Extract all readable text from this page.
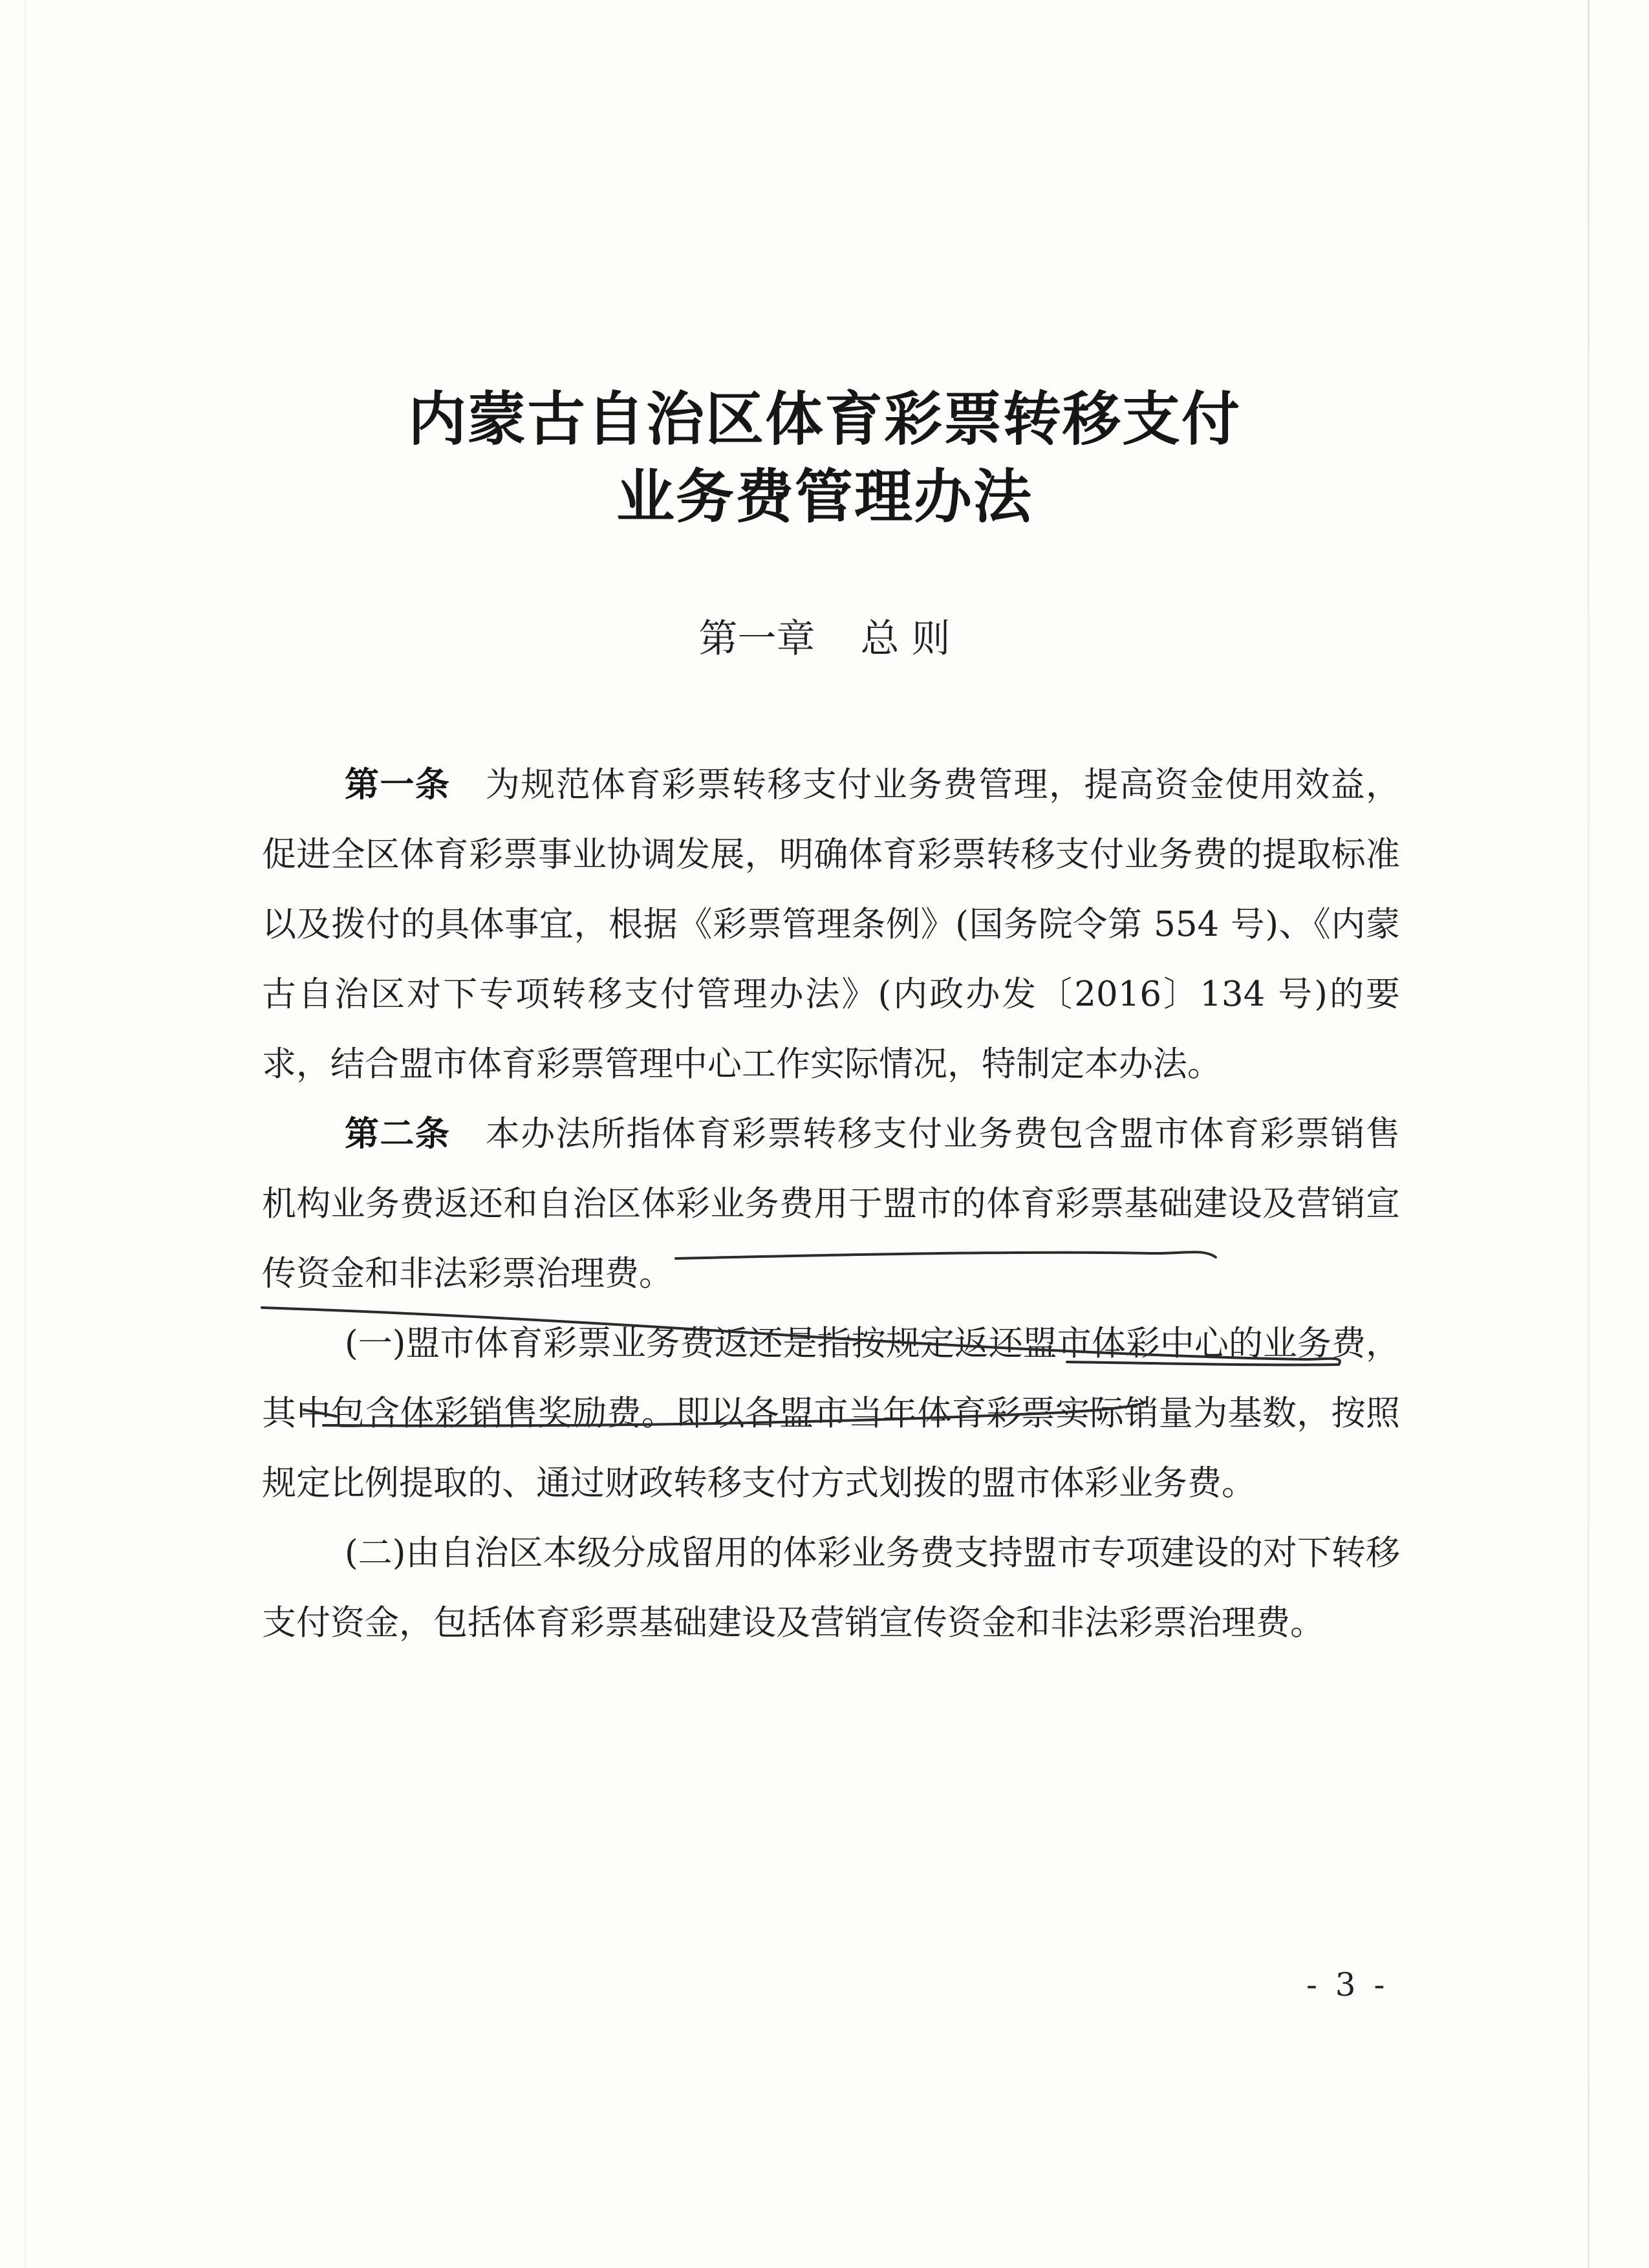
内蒙古自治区体育彩票转移支付
业务费管理办法
第一章 总 则

第一条  为规范体育彩票转移支付业务费管理，提高资金使用效益，促进全区体育彩票事业协调发展，明确体育彩票转移支付业务费的提取标准以及拨付的具体事宜，根据《彩票管理条例》(国务院令第 554 号)、《内蒙古自治区对下专项转移支付管理办法》(内政办发〔2016〕134 号)的要求，结合盟市体育彩票管理中心工作实际情况，特制定本办法。

第二条  本办法所指体育彩票转移支付业务费包含盟市体育彩票销售机构业务费返还和自治区体彩业务费用于盟市的体育彩票基础建设及营销宣传资金和非法彩票治理费。

(一)盟市体育彩票业务费返还是指按规定返还盟市体彩中心的业务费，其中包含体彩销售奖励费。即以各盟市当年体育彩票实际销量为基数，按照规定比例提取的、通过财政转移支付方式划拨的盟市体彩业务费。

(二)由自治区本级分成留用的体彩业务费支持盟市专项建设的对下转移支付资金，包括体育彩票基础建设及营销宣传资金和非法彩票治理费。

- 3 -
